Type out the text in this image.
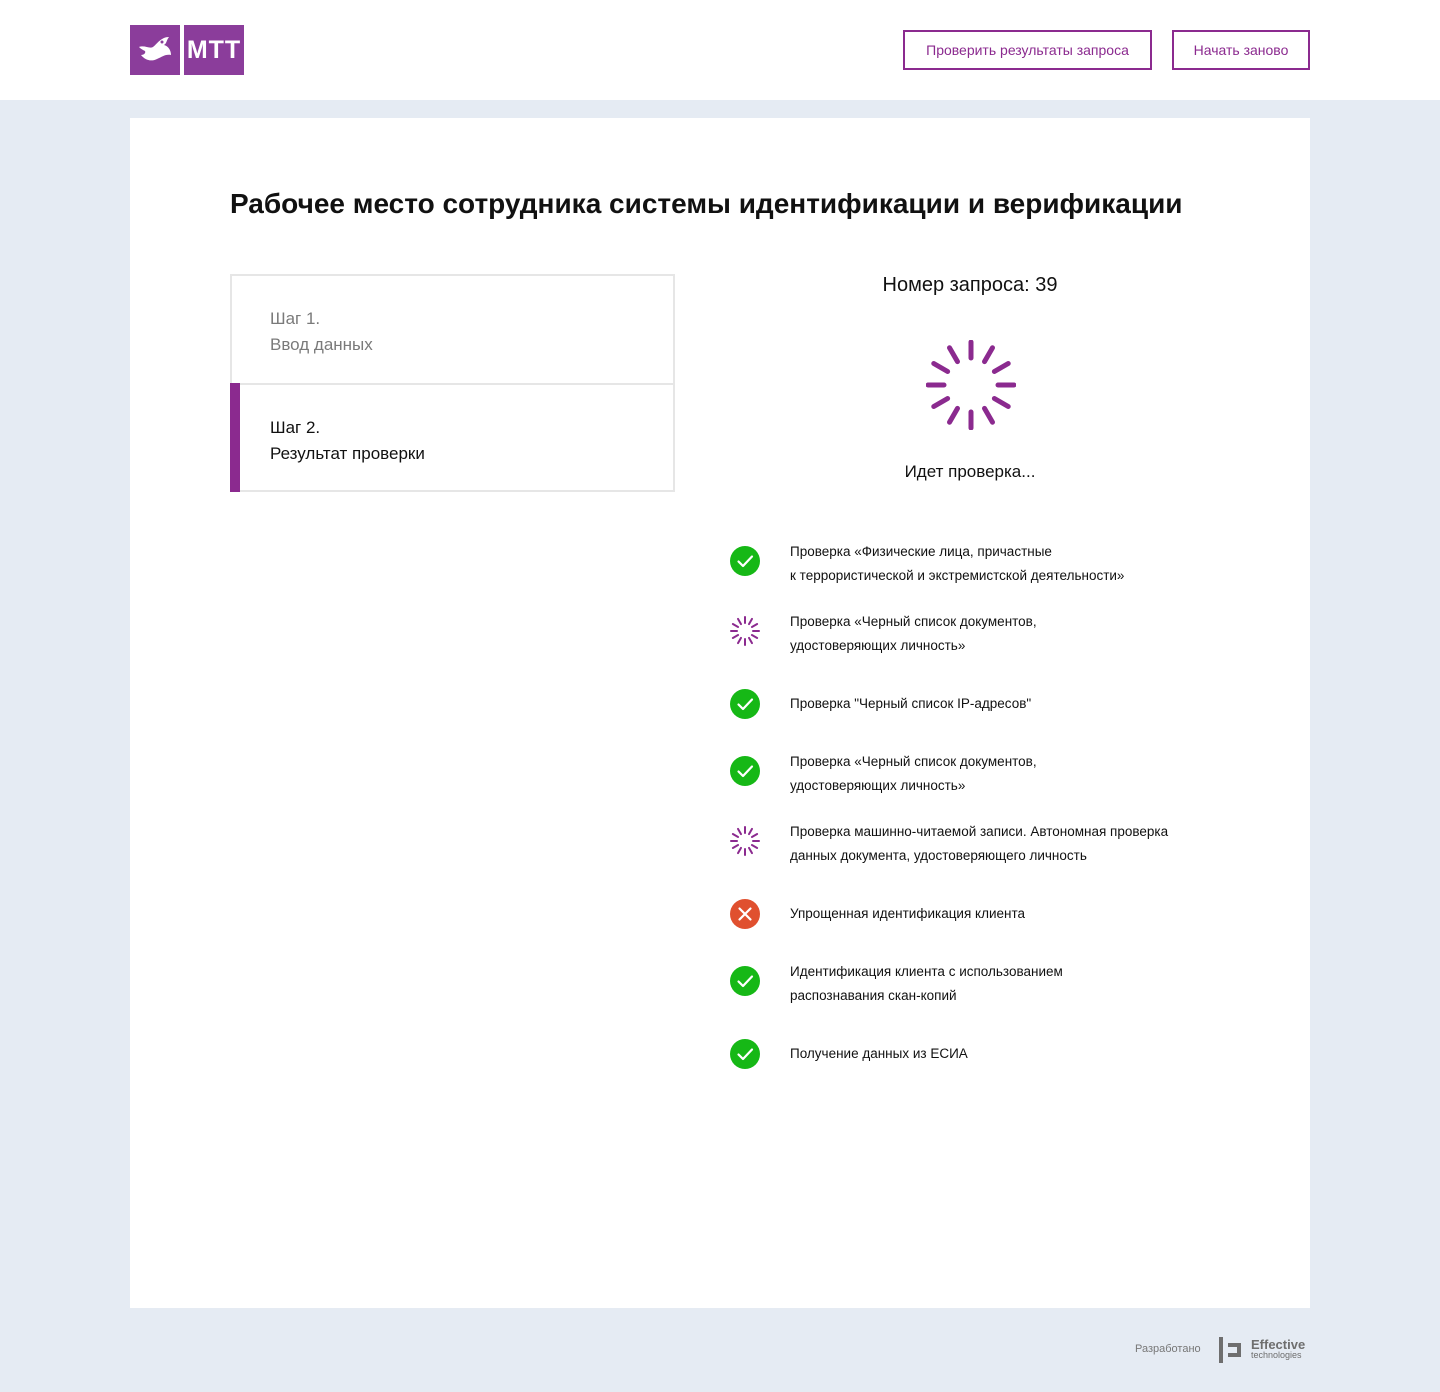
МТТ	Проверить результаты запроса	Начать заново
Рабочее место сотрудника системы идентификации и верификации
Шаг 1.
Ввод данных
Шаг 2.
Результат проверки
Номер запроса: 39
Идет проверка...
Проверка «Физические лица, причастные
к террористической и экстремистской деятельности»
Проверка «Черный список документов,
удостоверяющих личность»
Проверка "Черный список IP-адресов"
Проверка «Черный список документов,
удостоверяющих личность»
Проверка машинно-читаемой записи. Автономная проверка
данных документа, удостоверяющего личность
Упрощенная идентификация клиента
Идентификация клиента с использованием
распознавания скан-копий
Получение данных из ЕСИА
Разработано	Effective
technologies
